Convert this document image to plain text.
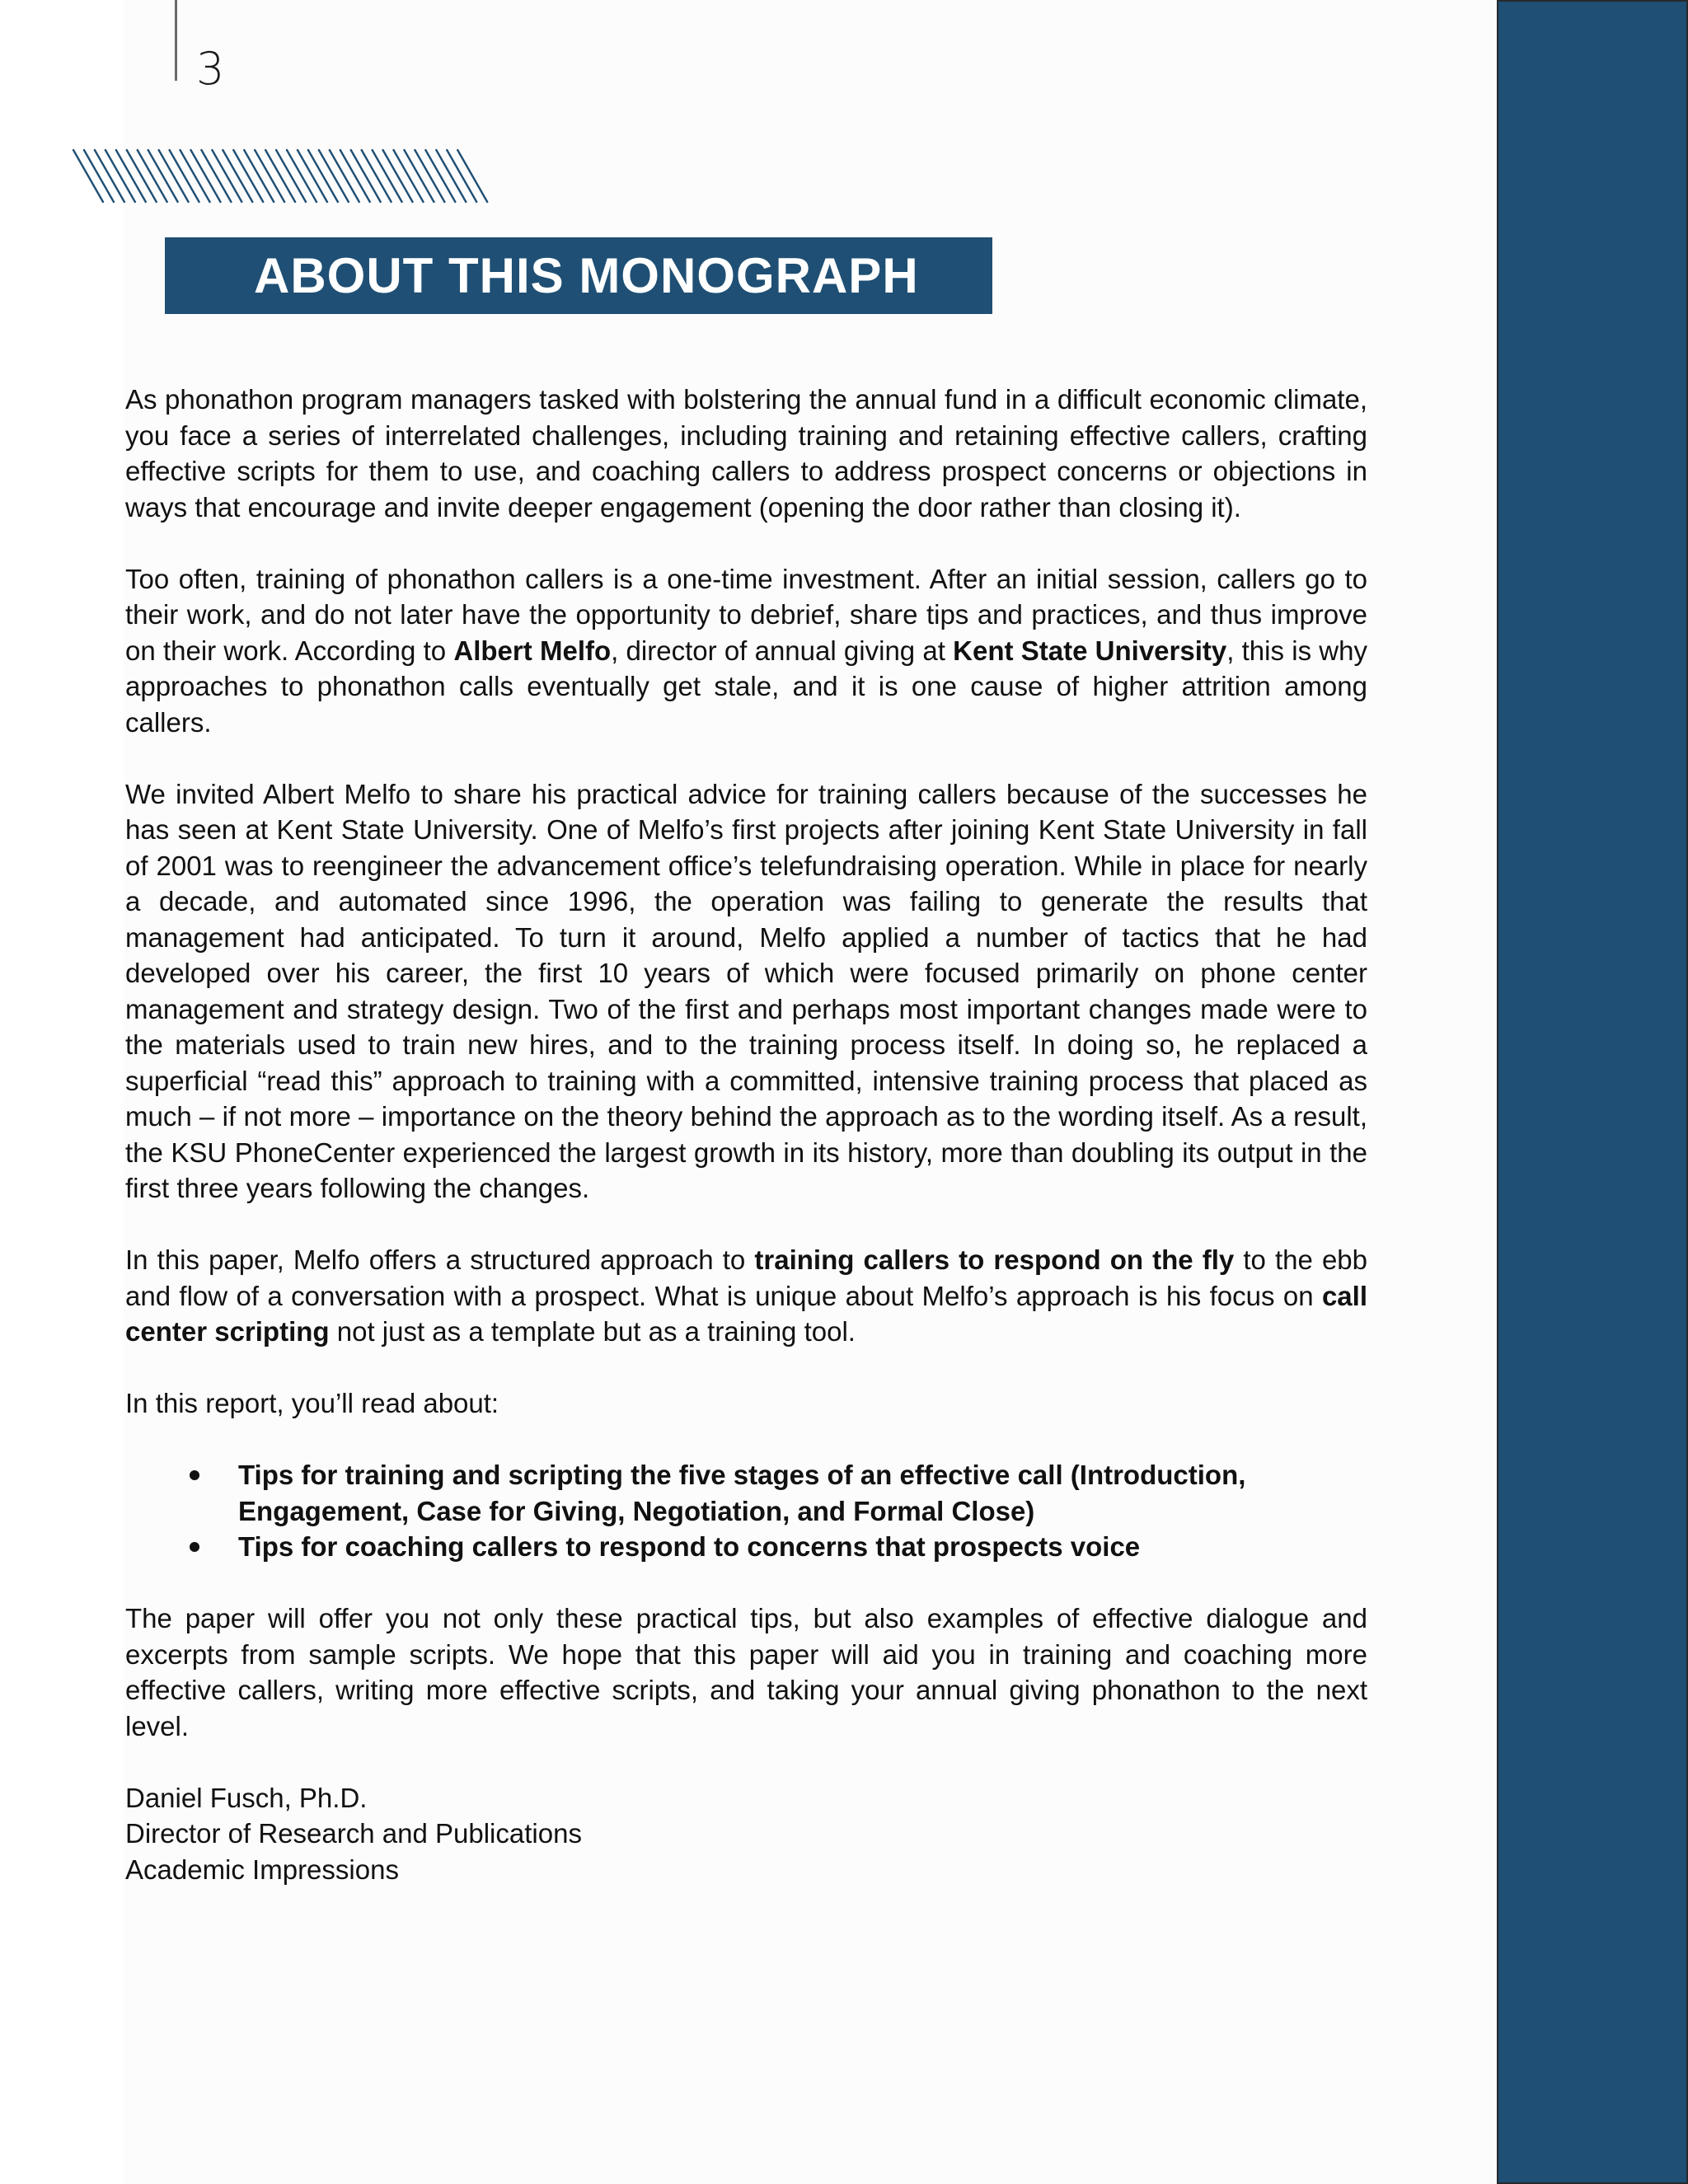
3
ABOUT THIS MONOGRAPH

As phonathon program managers tasked with bolstering the annual fund in a difficult economic climate, you face a series of interrelated challenges, including training and retaining effective callers, crafting effective scripts for them to use, and coaching callers to address prospect concerns or objections in ways that encourage and invite deeper engagement (opening the door rather than closing it).

Too often, training of phonathon callers is a one-time investment. After an initial session, callers go to their work, and do not later have the opportunity to debrief, share tips and practices, and thus improve on their work. According to Albert Melfo, director of annual giving at Kent State University, this is why approaches to phonathon calls eventually get stale, and it is one cause of higher attrition among callers.

We invited Albert Melfo to share his practical advice for training callers because of the successes he has seen at Kent State University. One of Melfo’s first projects after joining Kent State University in fall of 2001 was to reengineer the advancement office’s telefundraising operation. While in place for nearly a decade, and automated since 1996, the operation was failing to generate the results that management had anticipated. To turn it around, Melfo applied a number of tactics that he had developed over his career, the first 10 years of which were focused primarily on phone center management and strategy design. Two of the first and perhaps most important changes made were to the materials used to train new hires, and to the training process itself. In doing so, he replaced a superficial “read this” approach to training with a committed, intensive training process that placed as much – if not more – importance on the theory behind the approach as to the wording itself. As a result, the KSU PhoneCenter experienced the largest growth in its history, more than doubling its output in the first three years following the changes.

In this paper, Melfo offers a structured approach to training callers to respond on the fly to the ebb and flow of a conversation with a prospect. What is unique about Melfo’s approach is his focus on call center scripting not just as a template but as a training tool.

In this report, you’ll read about:

Tips for training and scripting the five stages of an effective call (Introduction, Engagement, Case for Giving, Negotiation, and Formal Close)
Tips for coaching callers to respond to concerns that prospects voice

The paper will offer you not only these practical tips, but also examples of effective dialogue and excerpts from sample scripts. We hope that this paper will aid you in training and coaching more effective callers, writing more effective scripts, and taking your annual giving phonathon to the next level.

Daniel Fusch, Ph.D.
Director of Research and Publications
Academic Impressions
